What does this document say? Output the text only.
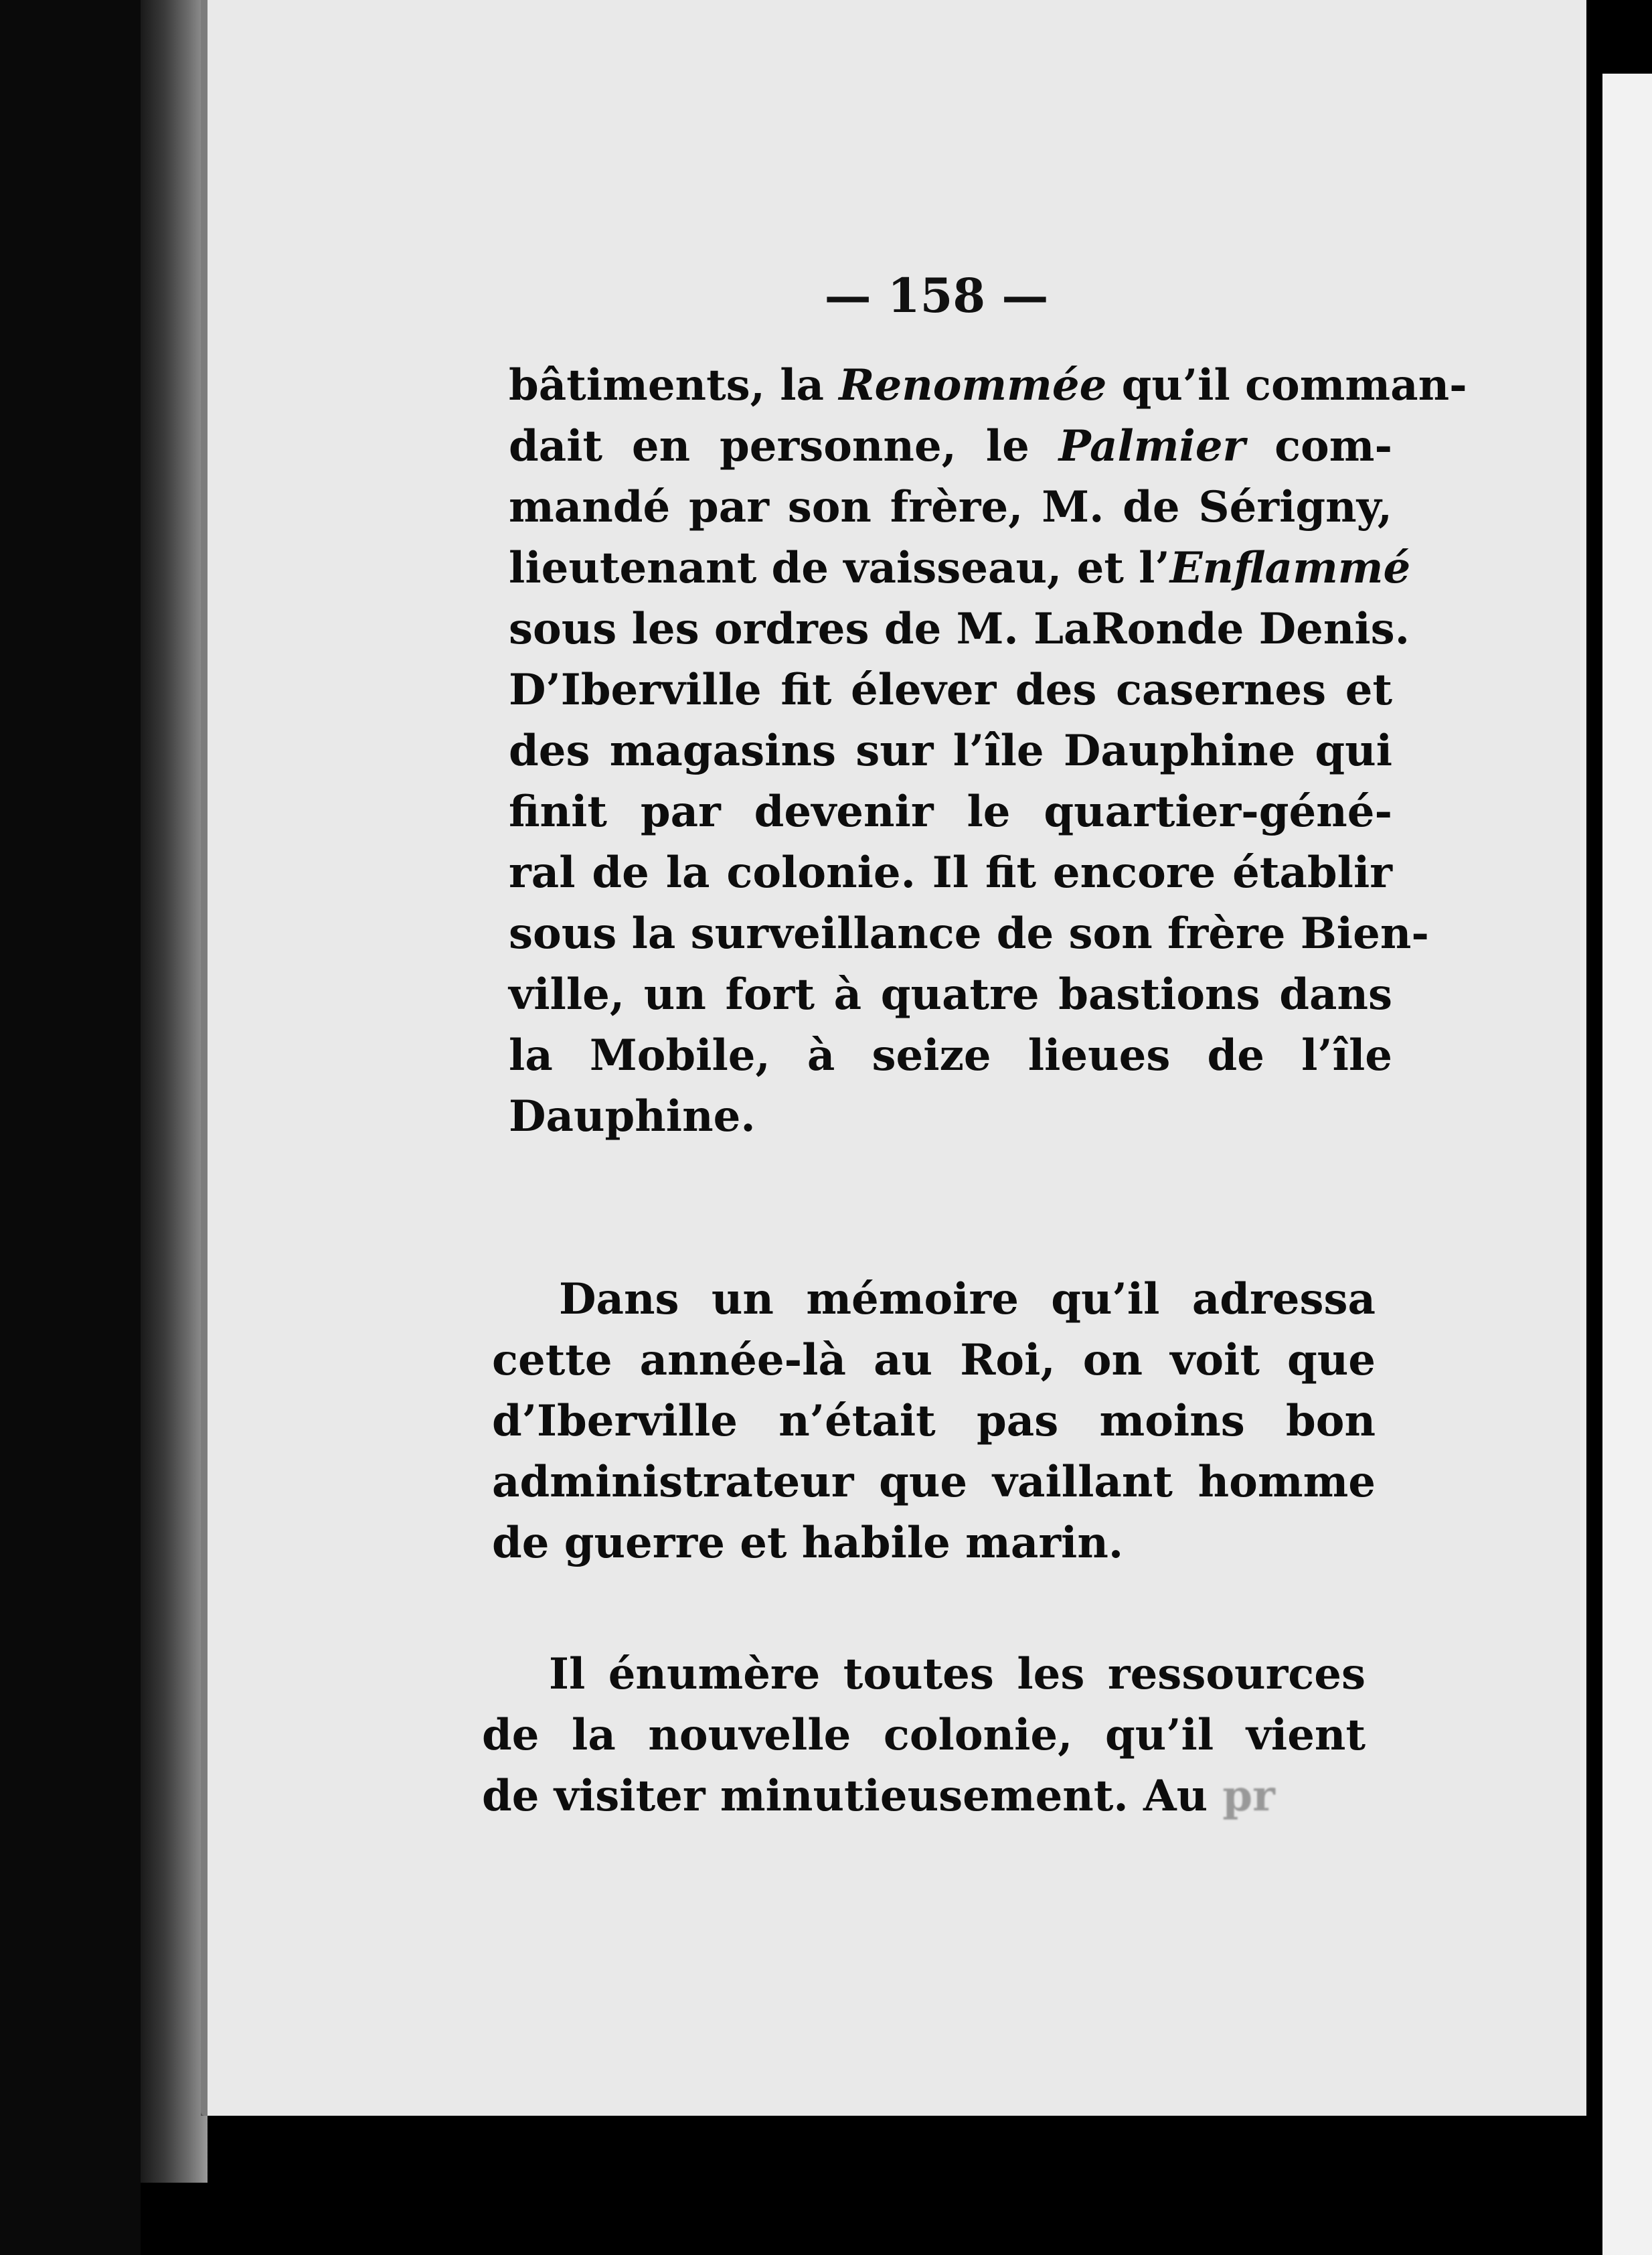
— 158 —
bâtiments, la Renommée qu’il comman-
dait en personne, le Palmier com-
mandé par son frère, M. de Sérigny,
lieutenant de vaisseau, et l’Enflammé
sous les ordres de M. LaRonde Denis.
D’Iberville fit élever des casernes et
des magasins sur l’île Dauphine qui
finit par devenir le quartier-géné-
ral de la colonie. Il fit encore établir
sous la surveillance de son frère Bien-
ville, un fort à quatre bastions dans
la Mobile, à seize lieues de l’île
Dauphine.
Dans un mémoire qu’il adressa
cette année-là au Roi, on voit que
d’Iberville n’était pas moins bon
administrateur que vaillant homme
de guerre et habile marin.
Il énumère toutes les ressources
de la nouvelle colonie, qu’il vient
de visiter minutieusement. Au pr
